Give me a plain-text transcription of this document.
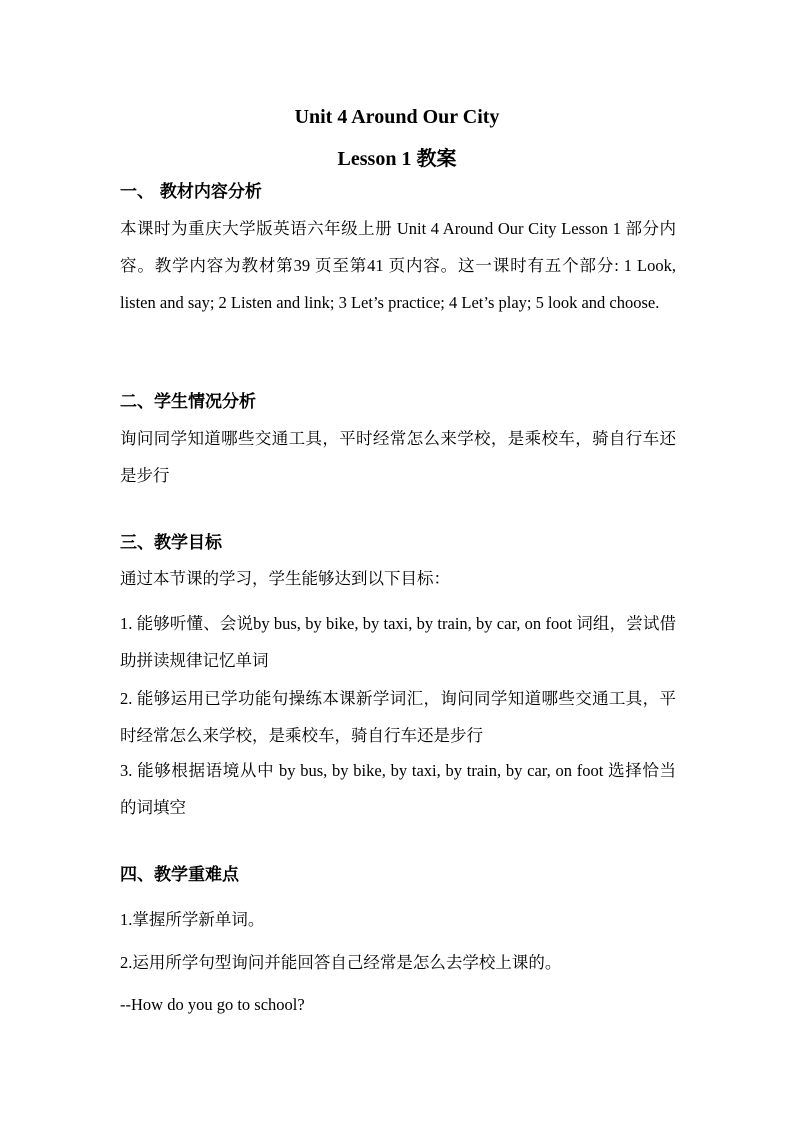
Unit 4 Around Our City
Lesson 1 教案
一、 教材内容分析
本课时为重庆大学版英语六年级上册 Unit 4 Around Our City Lesson 1 部分内容。教学内容为教材第39 页至第41 页内容。这一课时有五个部分: 1 Look, listen and say; 2 Listen and link; 3 Let’s practice; 4 Let’s play; 5 look and choose.
二、学生情况分析
询问同学知道哪些交通工具，平时经常怎么来学校，是乘校车，骑自行车还是步行
三、教学目标
通过本节课的学习，学生能够达到以下目标：
1. 能够听懂、会说by bus, by bike, by taxi, by train, by car, on foot 词组，尝试借助拼读规律记忆单词
2. 能够运用已学功能句操练本课新学词汇，询问同学知道哪些交通工具，平时经常怎么来学校，是乘校车，骑自行车还是步行
3. 能够根据语境从中 by bus, by bike, by taxi, by train, by car, on foot 选择恰当的词填空
四、教学重难点
1.掌握所学新单词。
2.运用所学句型询问并能回答自己经常是怎么去学校上课的。
--How do you go to school?
